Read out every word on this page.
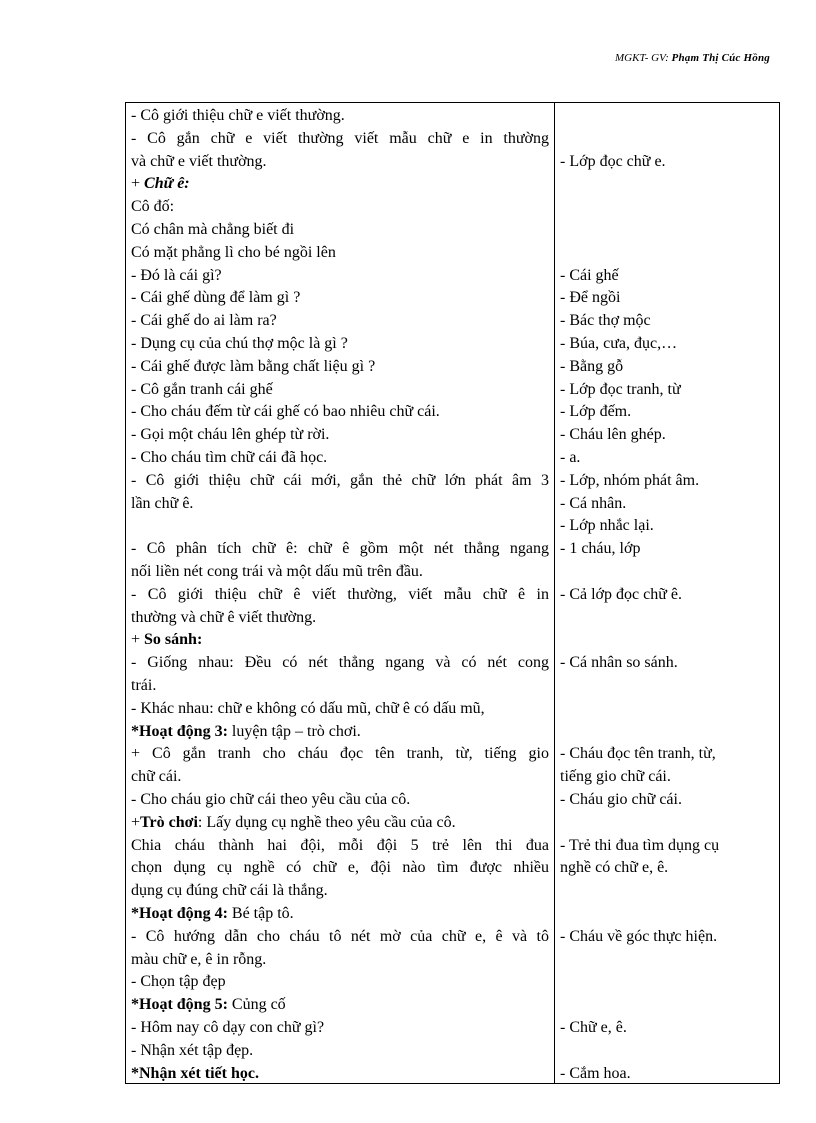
MGKT- GV: Phạm Thị Cúc Hồng
- Cô giới thiệu chữ e viết thường.
- Cô gắn chữ e viết thường viết mẫu chữ e in thường
và chữ e viết thường.
+ Chữ ê:
Cô đố:
Có chân mà chẳng biết đi
Có mặt phẳng lì cho bé ngồi lên
- Đó là cái gì?
- Cái ghế dùng để làm gì ?
- Cái ghế do ai làm ra?
- Dụng cụ của chú thợ mộc là gì ?
- Cái ghế được làm bằng chất liệu gì ?
- Cô gắn tranh cái ghế
- Cho cháu đếm từ cái ghế có bao nhiêu chữ cái.
- Gọi một cháu lên ghép từ rời.
- Cho cháu tìm chữ cái đã học.
- Cô giới thiệu chữ cái mới, gắn thẻ chữ lớn phát âm 3
lần chữ ê.
- Cô phân tích chữ ê: chữ ê gồm một nét thẳng ngang
nối liền nét cong trái và một dấu mũ trên đầu.
- Cô giới thiệu chữ ê viết thường, viết mẫu chữ ê in
thường và chữ ê viết thường.
+ So sánh:
- Giống nhau: Đều có nét thẳng ngang và có nét cong
trái.
- Khác nhau: chữ e không có dấu mũ, chữ ê có dấu mũ,
*Hoạt động 3: luyện tập – trò chơi.
+ Cô gắn tranh cho cháu đọc tên tranh, từ, tiếng gio
chữ cái.
- Cho cháu gio chữ cái theo yêu cầu của cô.
+Trò chơi: Lấy dụng cụ nghề theo yêu cầu của cô.
Chia cháu thành hai đội, mỗi đội 5 trẻ lên thi đua
chọn dụng cụ nghề có chữ e, đội nào tìm được nhiều
dụng cụ đúng chữ cái là thắng.
*Hoạt động 4: Bé tập tô.
- Cô hướng dẫn cho cháu tô nét mờ của chữ e, ê và tô
màu chữ e, ê in rỗng.
- Chọn tập đẹp
*Hoạt động 5: Củng cố
- Hôm nay cô dạy con chữ gì?
- Nhận xét tập đẹp.
*Nhận xét tiết học.
- Lớp đọc chữ e.
- Cái ghế
- Để ngồi
- Bác thợ mộc
- Búa, cưa, đục,…
- Bằng gỗ
- Lớp đọc tranh, từ
- Lớp đếm.
- Cháu lên ghép.
- a.
- Lớp, nhóm phát âm.
- Cá nhân.
- Lớp nhắc lại.
- 1 cháu, lớp
- Cả lớp đọc chữ ê.
- Cá nhân so sánh.
- Cháu đọc tên tranh, từ,
tiếng gio chữ cái.
- Cháu gio chữ cái.
- Trẻ thi đua tìm dụng cụ
nghề có chữ e, ê.
- Cháu về góc thực hiện.
- Chữ e, ê.
- Cắm hoa.
